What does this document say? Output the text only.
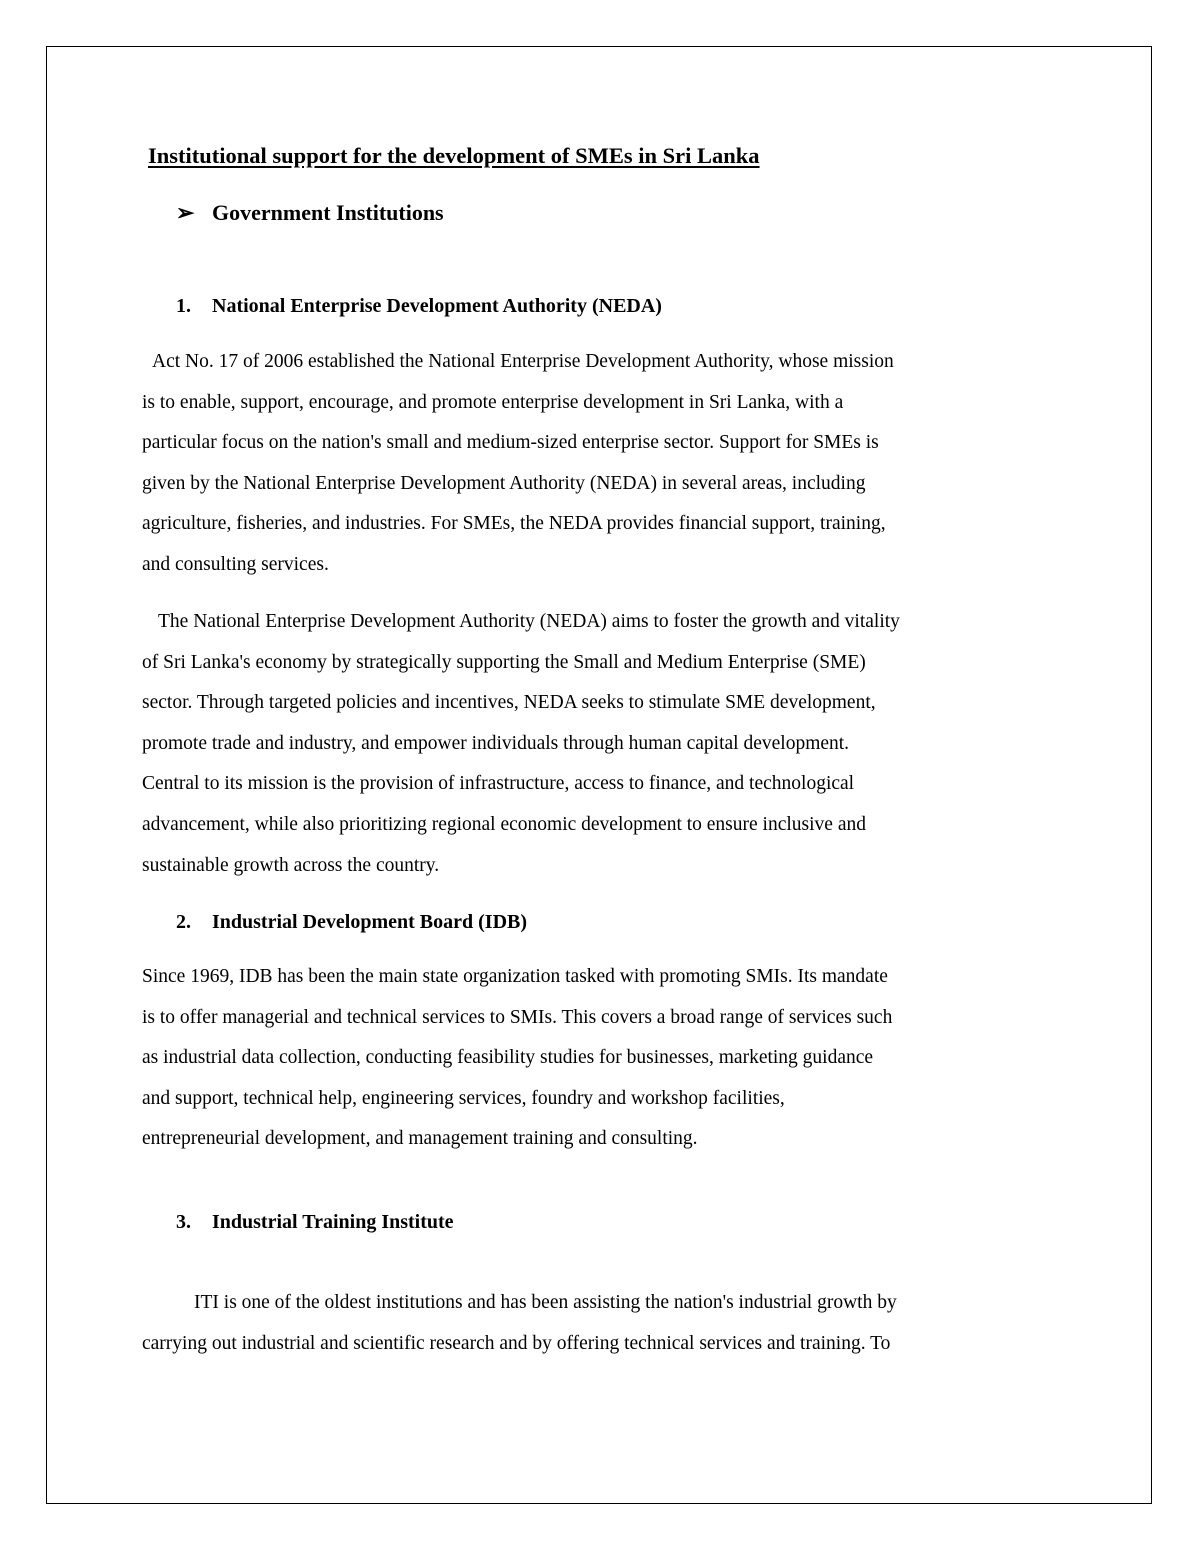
Institutional support for the development of SMEs in Sri Lanka
➢ Government Institutions
1. National Enterprise Development Authority (NEDA)

Act No. 17 of 2006 established the National Enterprise Development Authority, whose mission
is to enable, support, encourage, and promote enterprise development in Sri Lanka, with a
particular focus on the nation's small and medium-sized enterprise sector. Support for SMEs is
given by the National Enterprise Development Authority (NEDA) in several areas, including
agriculture, fisheries, and industries. For SMEs, the NEDA provides financial support, training,
and consulting services.

The National Enterprise Development Authority (NEDA) aims to foster the growth and vitality
of Sri Lanka's economy by strategically supporting the Small and Medium Enterprise (SME)
sector. Through targeted policies and incentives, NEDA seeks to stimulate SME development,
promote trade and industry, and empower individuals through human capital development.
Central to its mission is the provision of infrastructure, access to finance, and technological
advancement, while also prioritizing regional economic development to ensure inclusive and
sustainable growth across the country.

2. Industrial Development Board (IDB)

Since 1969, IDB has been the main state organization tasked with promoting SMIs. Its mandate
is to offer managerial and technical services to SMIs. This covers a broad range of services such
as industrial data collection, conducting feasibility studies for businesses, marketing guidance
and support, technical help, engineering services, foundry and workshop facilities,
entrepreneurial development, and management training and consulting.

3. Industrial Training Institute

ITI is one of the oldest institutions and has been assisting the nation's industrial growth by
carrying out industrial and scientific research and by offering technical services and training. To
